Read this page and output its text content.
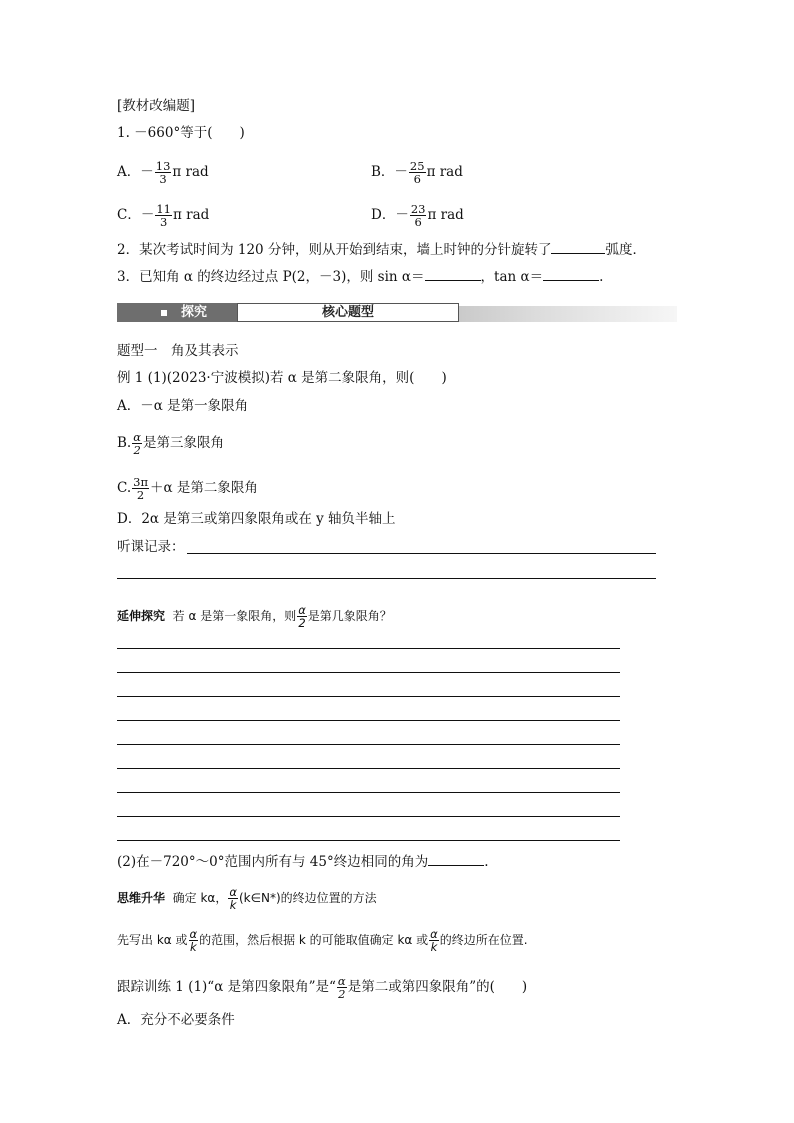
[教材改编题]
1. －660°等于(　　)
A．－ $\frac{13}{3}$ π rad	B．－ $\frac{25}{6}$ π rad
C．－ $\frac{11}{3}$ π rad	D．－ $\frac{23}{6}$ π rad
2．某次考试时间为 120 分钟，则从开始到结束，墙上时钟的分针旋转了	弧度．
3．已知角 α 的终边经过点 P(2，－3)，则 sin α＝	，tan α＝	.
探究	核心题型
题型一　角及其表示
例 1 (1)(2023·宁波模拟)若 α 是第二象限角，则(　　)
A．－α 是第一象限角
B. $\frac{\alpha}{2}$ 是第三象限角
C. $\frac{3\pi}{2} +\alpha$ 是第二象限角
D．2α 是第三或第四象限角或在 y 轴负半轴上
听课记录：
延伸探究 若 α 是第一象限角，则 $\frac{\alpha}{2}$ 是第几象限角？
(2)在－720°～0°范围内所有与 45°终边相同的角为	.
思维升华 确定 kα， $\frac{\alpha}{k}$ (k∈N*)的终边位置的方法
先写出 kα 或 $\frac{\alpha}{k}$ 的范围，然后根据 k 的可能取值确定 kα 或 $\frac{\alpha}{k}$ 的终边所在位置.
跟踪训练 1 (1)“α 是第四象限角”是“ $\frac{\alpha}{2}$ 是第二或第四象限角”的(　　)
A．充分不必要条件
